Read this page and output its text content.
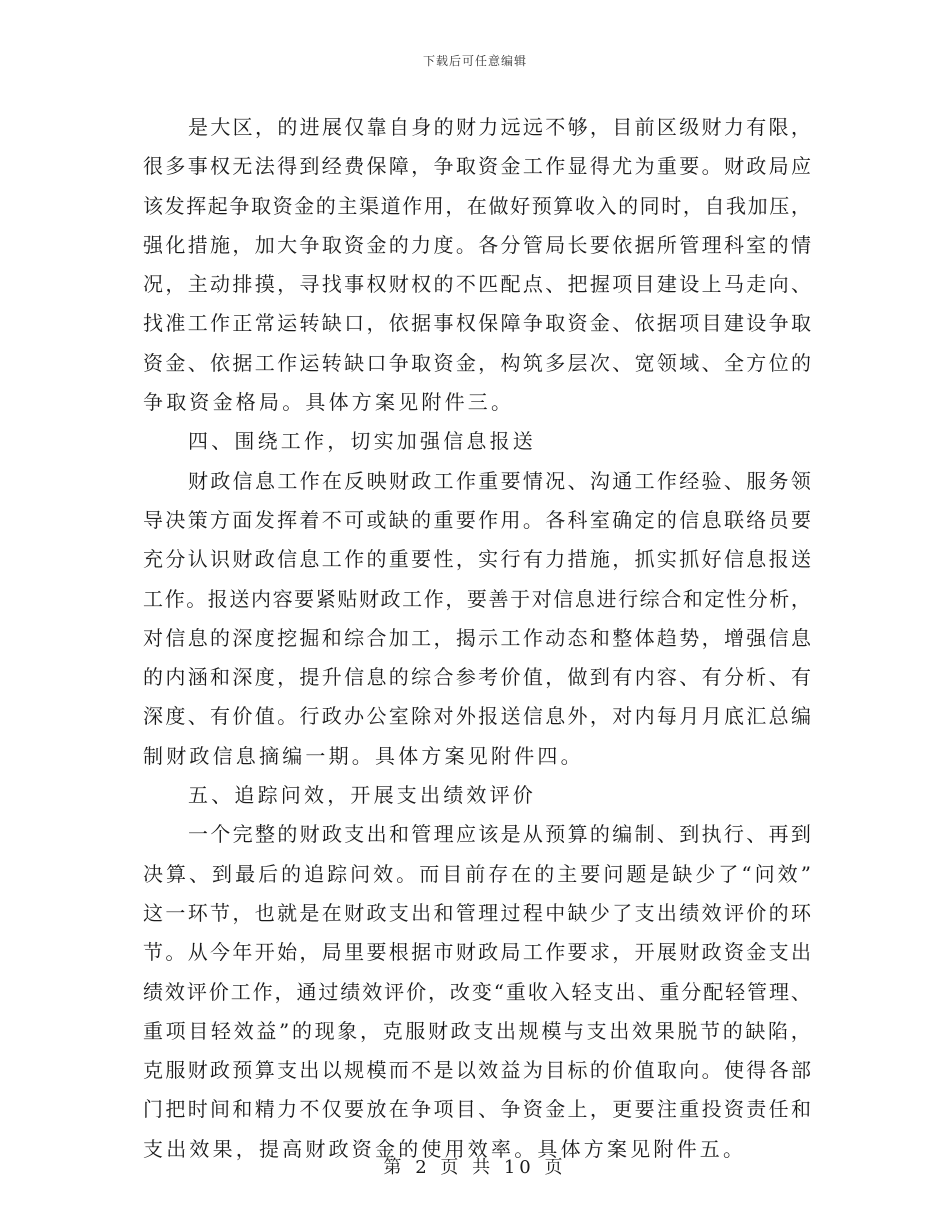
下载后可任意编辑
是 大 区 ， 的 进 展 仅 靠 自 身 的 财 力 远 远 不 够 ， 目 前 区 级 财 力 有 限 ，
很 多 事 权 无 法 得 到 经 费 保 障 ， 争 取 资 金 工 作 显 得 尤 为 重 要 。 财 政 局 应
该 发 挥 起 争 取 资 金 的 主 渠 道 作 用 ， 在 做 好 预 算 收 入 的 同 时 ， 自 我 加 压 ，
强 化 措 施 ， 加 大 争 取 资 金 的 力 度 。 各 分 管 局 长 要 依 据 所 管 理 科 室 的 情
况 ， 主 动 排 摸 ， 寻 找 事 权 财 权 的 不 匹 配 点 、 把 握 项 目 建 设 上 马 走 向 、
找 准 工 作 正 常 运 转 缺 口 ， 依 据 事 权 保 障 争 取 资 金 、 依 据 项 目 建 设 争 取
资 金 、 依 据 工 作 运 转 缺 口 争 取 资 金 ， 构 筑 多 层 次 、 宽 领 域 、 全 方 位 的
争取资金格局。具体方案见附件三。
四、围绕工作，切实加强信息报送
财 政 信 息 工 作 在 反 映 财 政 工 作 重 要 情 况 、 沟 通 工 作 经 验 、 服 务 领
导 决 策 方 面 发 挥 着 不 可 或 缺 的 重 要 作 用 。 各 科 室 确 定 的 信 息 联 络 员 要
充 分 认 识 财 政 信 息 工 作 的 重 要 性 ， 实 行 有 力 措 施 ， 抓 实 抓 好 信 息 报 送
工 作 。 报 送 内 容 要 紧 贴 财 政 工 作 ， 要 善 于 对 信 息 进 行 综 合 和 定 性 分 析 ，
对 信 息 的 深 度 挖 掘 和 综 合 加 工 ， 揭 示 工 作 动 态 和 整 体 趋 势 ， 增 强 信 息
的 内 涵 和 深 度 ， 提 升 信 息 的 综 合 参 考 价 值 ， 做 到 有 内 容 、 有 分 析 、 有
深 度 、 有 价 值 。 行 政 办 公 室 除 对 外 报 送 信 息 外 ， 对 内 每 月 月 底 汇 总 编
制财政信息摘编一期。具体方案见附件四。
五、追踪问效，开展支出绩效评价
一 个 完 整 的 财 政 支 出 和 管 理 应 该 是 从 预 算 的 编 制 、 到 执 行 、 再 到
决 算 、 到 最 后 的 追 踪 问 效 。 而 目 前 存 在 的 主 要 问 题 是 缺 少 了 “ 问 效 ”
这 一 环 节 ， 也 就 是 在 财 政 支 出 和 管 理 过 程 中 缺 少 了 支 出 绩 效 评 价 的 环
节 。 从 今 年 开 始 ， 局 里 要 根 据 市 财 政 局 工 作 要 求 ， 开 展 财 政 资 金 支 出
绩 效 评 价 工 作 ， 通 过 绩 效 评 价 ， 改 变 “ 重 收 入 轻 支 出 、 重 分 配 轻 管 理 、
重 项 目 轻 效 益 ” 的 现 象 ， 克 服 财 政 支 出 规 模 与 支 出 效 果 脱 节 的 缺 陷 ，
克 服 财 政 预 算 支 出 以 规 模 而 不 是 以 效 益 为 目 标 的 价 值 取 向 。 使 得 各 部
门 把 时 间 和 精 力 不 仅 要 放 在 争 项 目 、 争 资 金 上 ， 更 要 注 重 投 资 责 任 和
支出效果，提高财政资金的使用效率。具体方案见附件五。
第 2 页 共 10 页
